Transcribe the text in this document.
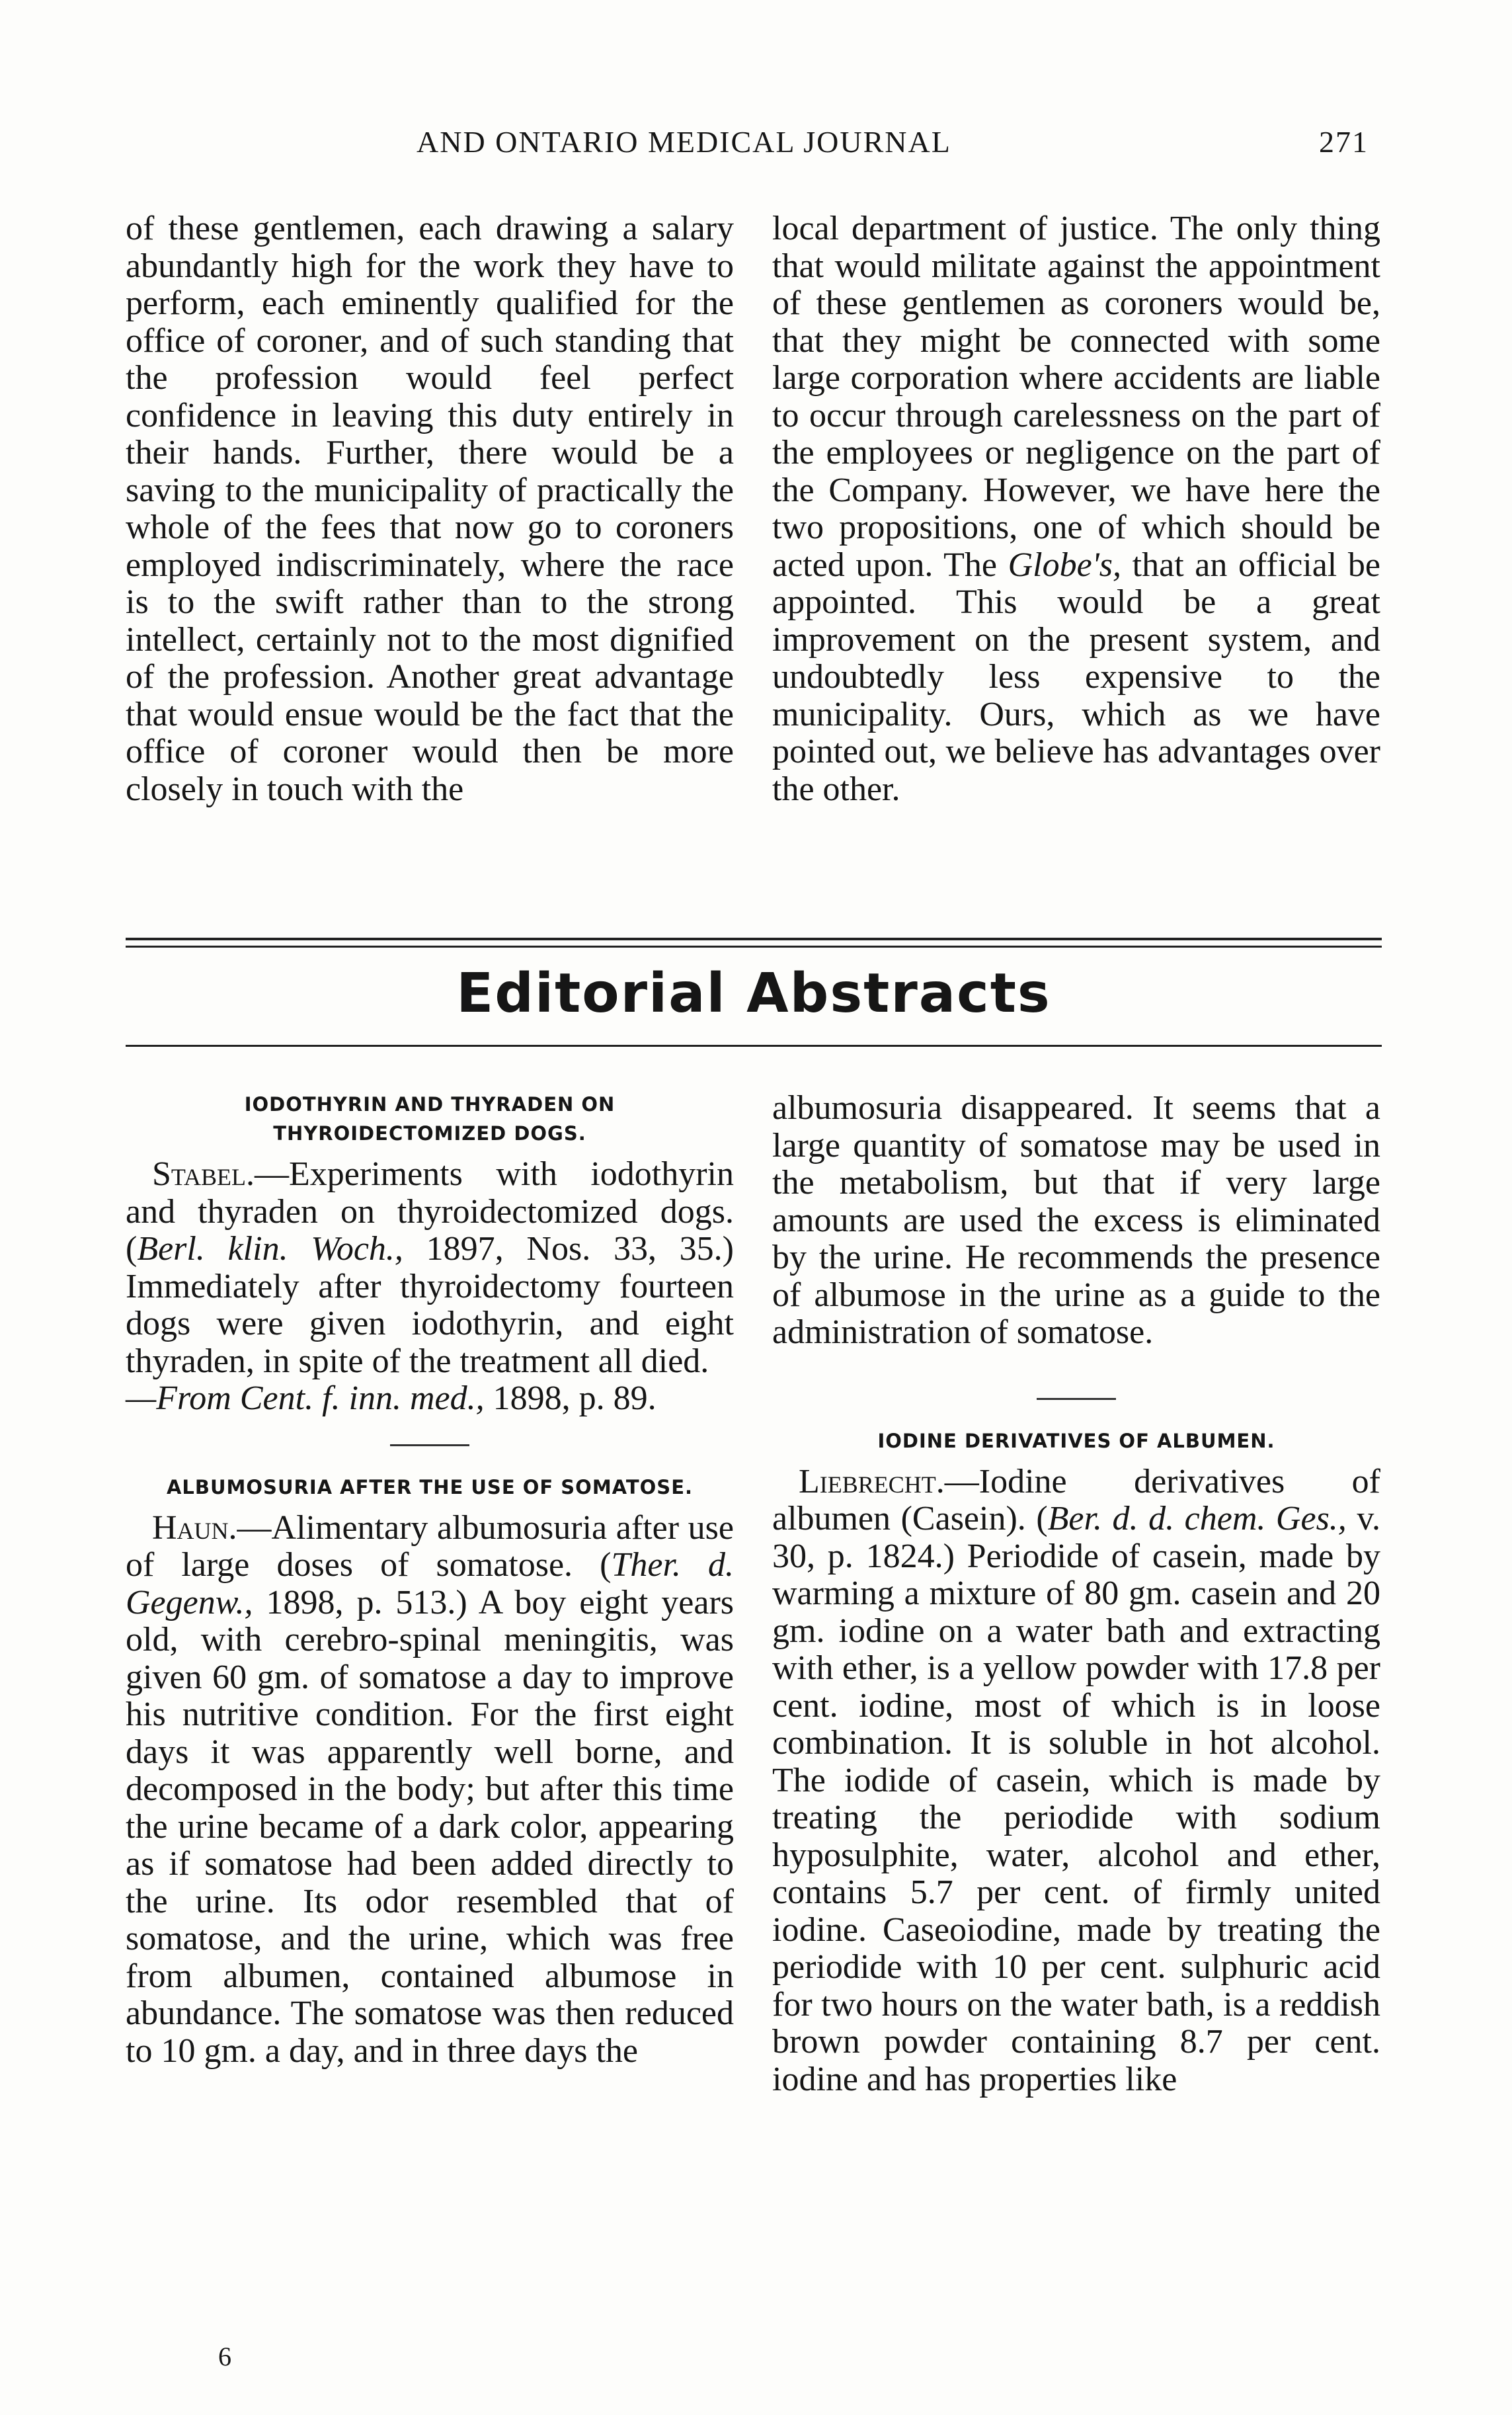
AND ONTARIO MEDICAL JOURNAL	271

of these gentlemen, each drawing a salary abundantly high for the work they have to perform, each eminently qualified for the office of coroner, and of such standing that the profession would feel perfect confidence in leaving this duty entirely in their hands. Further, there would be a saving to the municipality of practically the whole of the fees that now go to coroners employed indiscriminately, where the race is to the swift rather than to the strong intellect, certainly not to the most dignified of the profession. Another great advantage that would ensue would be the fact that the office of coroner would then be more closely in touch with the

local department of justice. The only thing that would militate against the appointment of these gentlemen as coroners would be, that they might be connected with some large corporation where accidents are liable to occur through carelessness on the part of the employees or negligence on the part of the Company. However, we have here the two propositions, one of which should be acted upon. The Globe's, that an official be appointed. This would be a great improvement on the present system, and undoubtedly less expensive to the municipality. Ours, which as we have pointed out, we believe has advantages over the other.

Editorial Abstracts
IODOTHYRIN AND THYRADEN ON THYROIDECTOMIZED DOGS.

Stabel.—Experiments with iodothyrin and thyraden on thyroidectomized dogs. (Berl. klin. Woch., 1897, Nos. 33, 35.) Immediately after thyroidectomy fourteen dogs were given iodothyrin, and eight thyraden, in spite of the treatment all died.
—From Cent. f. inn. med., 1898, p. 89.

ALBUMOSURIA AFTER THE USE OF SOMATOSE.

Haun.—Alimentary albumosuria after use of large doses of somatose. (Ther. d. Gegenw., 1898, p. 513.) A boy eight years old, with cerebro-spinal meningitis, was given 60 gm. of somatose a day to improve his nutritive condition. For the first eight days it was apparently well borne, and decomposed in the body; but after this time the urine became of a dark color, appearing as if somatose had been added directly to the urine. Its odor resembled that of somatose, and the urine, which was free from albumen, contained albumose in abundance. The somatose was then reduced to 10 gm. a day, and in three days the

albumosuria disappeared. It seems that a large quantity of somatose may be used in the metabolism, but that if very large amounts are used the excess is eliminated by the urine. He recommends the presence of albumose in the urine as a guide to the administration of somatose.

IODINE DERIVATIVES OF ALBUMEN.

Liebrecht.—Iodine derivatives of albumen (Casein). (Ber. d. d. chem. Ges., v. 30, p. 1824.) Periodide of casein, made by warming a mixture of 80 gm. casein and 20 gm. iodine on a water bath and extracting with ether, is a yellow powder with 17.8 per cent. iodine, most of which is in loose combination. It is soluble in hot alcohol. The iodide of casein, which is made by treating the periodide with sodium hyposulphite, water, alcohol and ether, contains 5.7 per cent. of firmly united iodine. Caseoiodine, made by treating the periodide with 10 per cent. sulphuric acid for two hours on the water bath, is a reddish brown powder containing 8.7 per cent. iodine and has properties like

6
